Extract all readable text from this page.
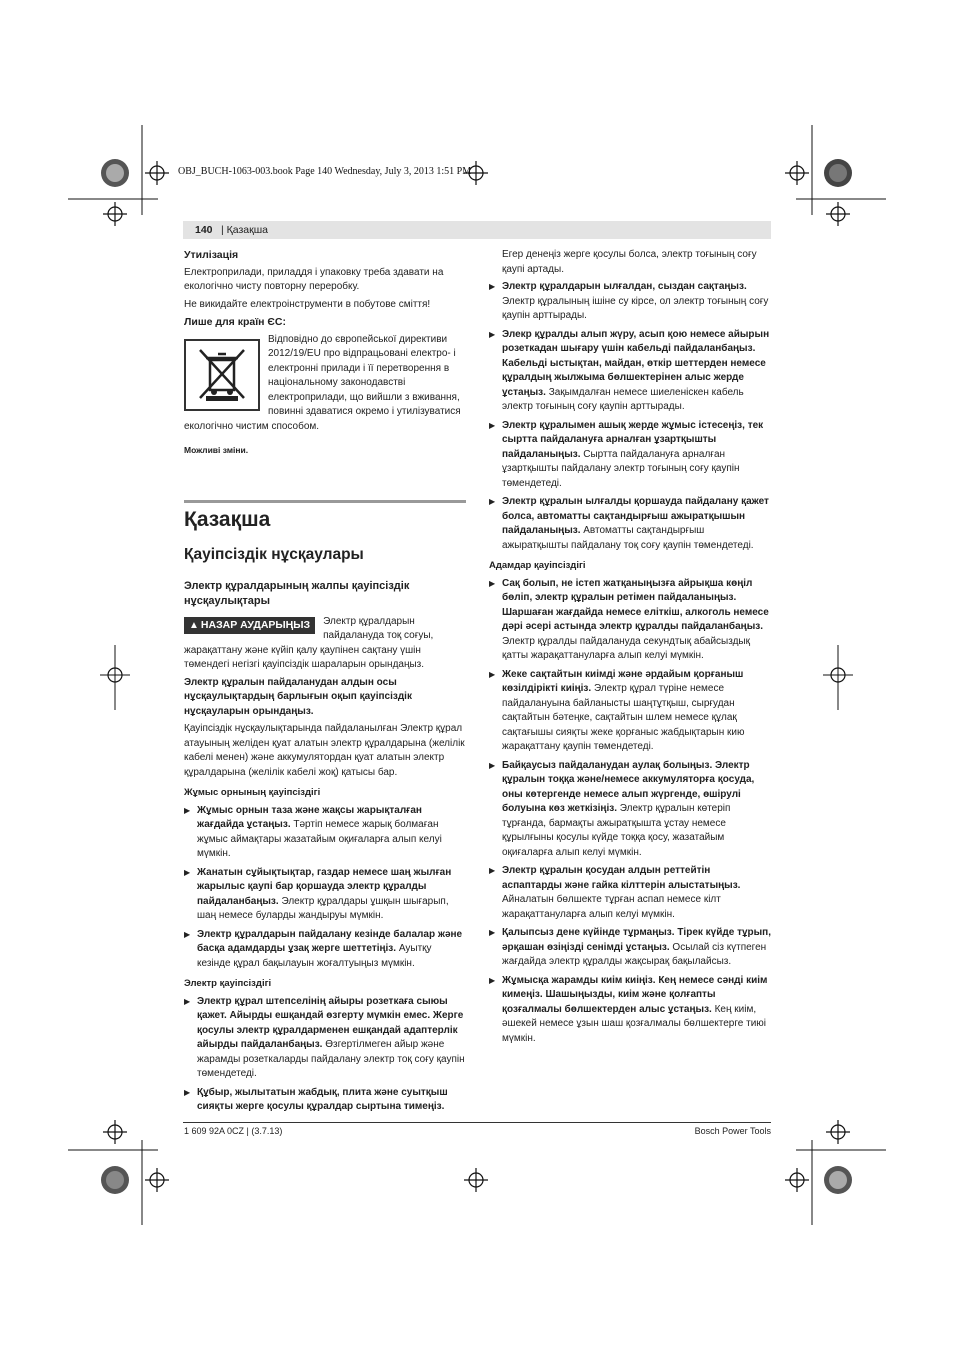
OBJ_BUCH-1063-003.book Page 140 Wednesday, July 3, 2013 1:51 PM
140 | Қазақша

Утилізація

Електроприлади, приладдя і упаковку треба здавати на екологічно чисту повторну переробку.

Не викидайте електроінструменти в побутове сміття!

Лише для країн ЄС:

Відповідно до європейської директиви 2012/19/EU про відпрацьовані електро- і електронні прилади і її перетворення в національному законодавстві електроприлади, що вийшли з вживання, повинні здаватися окремо і утилізуватися екологічно чистим способом.

Можливі зміни.

Қазақша

Қауіпсіздік нұсқаулары

Электр құралдарының жалпы қауіпсіздік нұсқаулықтары

▲ НАЗАР АУДАРЫҢЫЗ	Электр құралдарын пайдалануда тоқ соғуы, жарақаттану және күйіп қалу қаупінен сақтану үшін төмендегі негізгі қауіпсіздік шараларын орындаңыз.

Электр құралын пайдаланудан алдын осы нұсқаулықтардың барлығын оқып қауіпсіздік нұсқауларын орындаңыз.

Қауіпсіздік нұсқаулықтарында пайдаланылған Электр құрал атауының желіден қуат алатын электр құралдарына (желілік кабелі менен) және аккумулятордан қуат алатын электр құралдарына (желілік кабелі жоқ) қатысы бар.

Жұмыс орнының қауіпсіздігі

▶ Жұмыс орнын таза және жақсы жарықталған жағдайда ұстаңыз. Тәртіп немесе жарық болмаған жұмыс аймақтары жазатайым оқиғаларға алып келуі мүмкін.

▶ Жанатын сұйықтықтар, газдар немесе шаң жылған жарылыс қаупі бар қоршауда электр құралды пайдаланбаңыз. Электр құралдары ұшқын шығарып, шаң немесе буларды жандыруы мүмкін.

▶ Электр құралдарын пайдалану кезінде балалар және басқа адамдарды ұзақ жерге шеттетіңіз. Ауытқу кезінде құрал бақылауын жоғалтуыңыз мүмкін.

Электр қауіпсіздігі

▶ Электр құрал штепселінің айыры розеткаға сыюы қажет. Айырды ешқандай өзгерту мүмкін емес. Жерге қосулы электр құралдарменен ешқандай адаптерлік айырды пайдаланбаңыз. Өзгертілмеген айыр және жарамды розеткаларды пайдалану электр тоқ соғу қаупін төмендетеді.

▶ Құбыр, жылытатын жабдық, плита және суытқыш сияқты жерге қосулы құралдар сыртына тимеңіз.

Егер денеңіз жерге қосулы болса, электр тоғының соғу қаупі артады.

▶ Электр құралдарын ылғалдан, сыздан сақтаңыз. Электр құралының ішіне су кірсе, ол электр тоғының соғу қаупін арттырады.

▶ Элекр құралды алып жүру, асып қою немесе айырын розеткадан шығару үшін кабельді пайдаланбаңыз. Кабельді ыстықтан, майдан, өткір шеттерден немесе құралдың жылжыма бөлшектерінен алыс жерде ұстаңыз. Зақымдалған немесе шиеленіскен кабель электр тоғының соғу қаупін арттырады.

▶ Электр құралымен ашық жерде жұмыс істесеңіз, тек сыртта пайдалануға арналған ұзартқышты пайдаланыңыз. Сыртта пайдалануға арналған ұзартқышты пайдалану электр тоғының соғу қаупін төмендетеді.

▶ Электр құралын ылғалды қоршауда пайдалану қажет болса, автоматты сақтандырғыш ажыратқышын пайдаланыңыз. Автоматты сақтандырғыш ажыратқышты пайдалану тоқ соғу қаупін төмендетеді.

Адамдар қауіпсіздігі

▶ Сақ болып, не істеп жатқаныңызға айрықша көңіл бөліп, электр құралын ретімен пайдаланыңыз. Шаршаған жағдайда немесе еліткіш, алкоголь немесе дәрі әсері астында электр құралды пайдаланбаңыз. Электр құралды пайдалануда секундтық абайсыздық қатты жарақаттануларға алып келуі мүмкін.

▶ Жеке сақтайтын киімді және әрдайым қорғаныш көзілдірікті киіңіз. Электр құрал түріне немесе пайдалануына байланысты шаңтұтқыш, сырғудан сақтайтын бәтеңке, сақтайтын шлем немесе құлақ сақтағышы сияқты жеке қорғаныс жабдықтарын кию жарақаттану қаупін төмендетеді.

▶ Байқаусыз пайдаланудан аулақ болыңыз. Электр құралын тоққа және/немесе аккумуляторға қосуда, оны көтергенде немесе алып жүргенде, өшірулі болуына көз жеткізіңіз. Электр құралын көтеріп тұрғанда, бармақты ажыратқышта ұстау немесе құрылғыны қосулы күйде тоққа қосу, жазатайым оқиғаларға алып келуі мүмкін.

▶ Электр құралын қосудан алдын реттейтін аспаптарды және гайка кілттерін алыстатыңыз. Айналатын бөлшекте тұрған аспап немесе кілт жарақаттануларға алып келуі мүмкін.

▶ Қалыпсыз дене күйінде тұрмаңыз. Тірек күйде тұрып, әрқашан өзіңізді сенімді ұстаңыз. Осылай сіз күтпеген жағдайда электр құралды жақсырақ бақылайсыз.

▶ Жұмысқа жарамды киім киіңіз. Кең немесе сәнді киім кимеңіз. Шашыңызды, киім және қолғапты қозғалмалы бөлшектерден алыс ұстаңыз. Кең киім, әшекей немесе ұзын шаш қозғалмалы бөлшектерге тиюі мүмкін.

1 609 92A 0CZ | (3.7.13)	Bosch Power Tools
